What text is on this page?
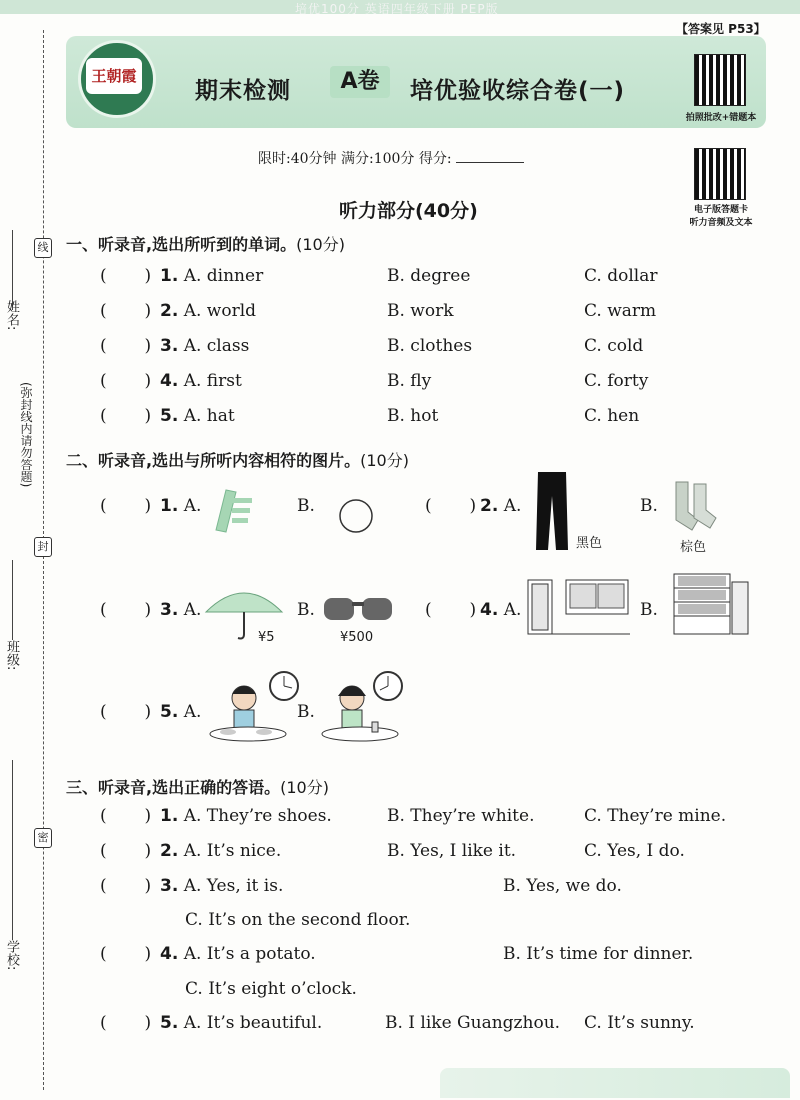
培优100分 英语四年级下册 PEP版
【答案见 P53】
王朝霞
期末检测	A卷	培优验收综合卷(一)
拍照批改+错题本
电子版答题卡
听力音频及文本
限时:40分钟 满分:100分 得分:
姓名:
(弥封线内请勿答题)
班级:
学校:
线
封
密
听力部分(40分)
一、听录音,选出所听到的单词。(10分)
(       ) 1. A. dinner	B. degree	C. dollar
(       ) 2. A. world	B. work	C. warm
(       ) 3. A. class	B. clothes	C. cold
(       ) 4. A. first	B. fly	C. forty
(       ) 5. A. hat	B. hot	C. hen
二、听录音,选出与所听内容相符的图片。(10分)
(       ) 1. A.	B.	(       ) 2. A.
黑色
B.
棕色
(       ) 3. A.
¥5
B.
¥500
(       ) 4. A.	B.
(       ) 5. A.	B.
三、听录音,选出正确的答语。(10分)
(       ) 1. A. They’re shoes.	B. They’re white.	C. They’re mine.
(       ) 2. A. It’s nice.	B. Yes, I like it.	C. Yes, I do.
(       ) 3. A. Yes, it is.	B. Yes, we do.
C. It’s on the second floor.
(       ) 4. A. It’s a potato.	B. It’s time for dinner.
C. It’s eight o’clock.
(       ) 5. A. It’s beautiful.	B. I like Guangzhou. C. It’s sunny.
